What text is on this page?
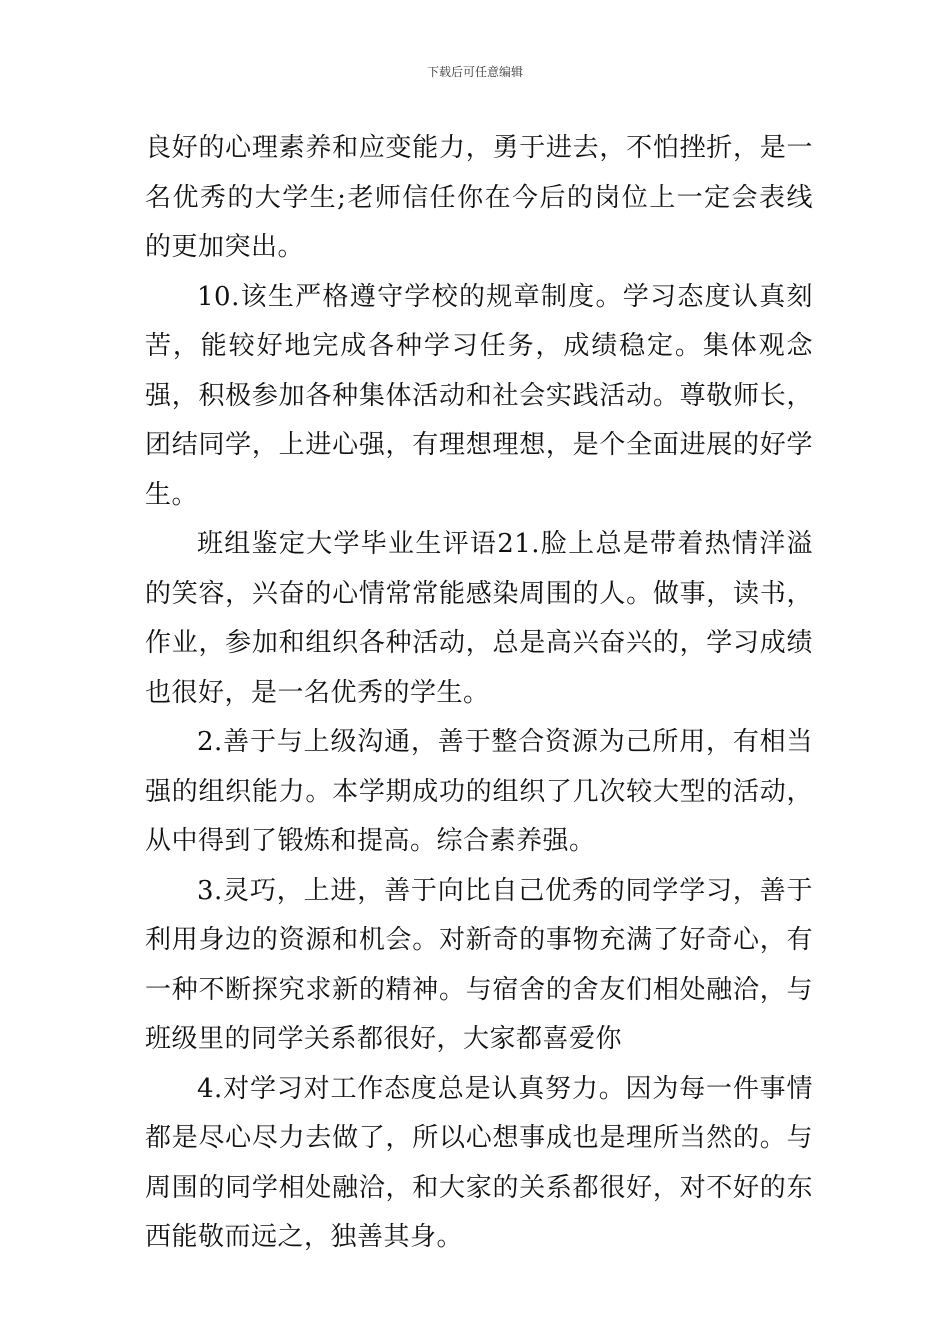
下载后可任意编辑

良好的心理素养和应变能力，勇于进去，不怕挫折，是一名优秀的大学生;老师信任你在今后的岗位上一定会表线的更加突出。

10.该生严格遵守学校的规章制度。学习态度认真刻苦，能较好地完成各种学习任务，成绩稳定。集体观念强，积极参加各种集体活动和社会实践活动。尊敬师长，团结同学，上进心强，有理想理想，是个全面进展的好学生。

班组鉴定大学毕业生评语21.脸上总是带着热情洋溢的笑容，兴奋的心情常常能感染周围的人。做事，读书，作业，参加和组织各种活动，总是高兴奋兴的，学习成绩也很好，是一名优秀的学生。

2.善于与上级沟通，善于整合资源为己所用，有相当强的组织能力。本学期成功的组织了几次较大型的活动，从中得到了锻炼和提高。综合素养强。

3.灵巧，上进，善于向比自己优秀的同学学习，善于利用身边的资源和机会。对新奇的事物充满了好奇心，有一种不断探究求新的精神。与宿舍的舍友们相处融洽，与班级里的同学关系都很好，大家都喜爱你

4.对学习对工作态度总是认真努力。因为每一件事情都是尽心尽力去做了，所以心想事成也是理所当然的。与周围的同学相处融洽，和大家的关系都很好，对不好的东西能敬而远之，独善其身。
